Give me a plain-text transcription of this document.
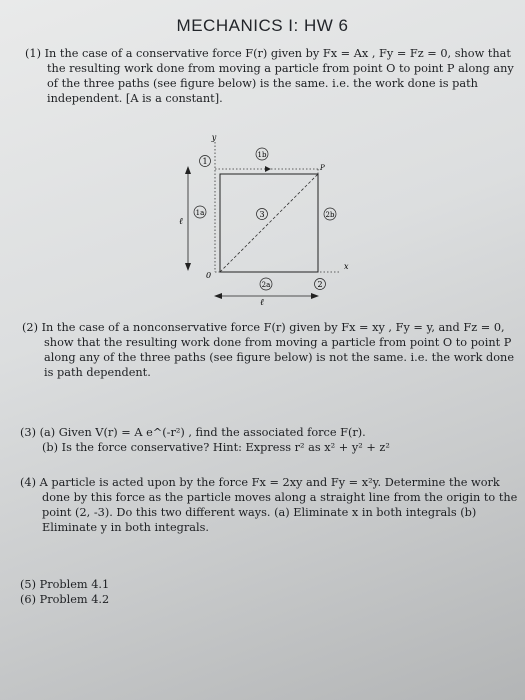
MECHANICS I: HW 6
(1) In the case of a conservative force F(r) given by Fx = Ax , Fy = Fz = 0, show that
the resulting work done from moving a particle from point O to point P along any
of the three paths (see figure below) is the same. i.e. the work done is path
independent. [A is a constant].
1
1b
1a	3	2b
2a	2
y
x
0
P
ℓ
ℓ
(2) In the case of a nonconservative force F(r) given by Fx = xy , Fy = y, and Fz = 0,
show that the resulting work done from moving a particle from point O to point P
along any of the three paths (see figure below) is not the same. i.e. the work done
is path dependent.
(3) (a) Given V(r) = A e^(-r²) , find the associated force F(r).
(b) Is the force conservative? Hint: Express r² as x² + y² + z²
(4) A particle is acted upon by the force Fx = 2xy and Fy = x²y. Determine the work
done by this force as the particle moves along a straight line from the origin to the
point (2, -3). Do this two different ways. (a) Eliminate x in both integrals (b)
Eliminate y in both integrals.
(5) Problem 4.1
(6) Problem 4.2
